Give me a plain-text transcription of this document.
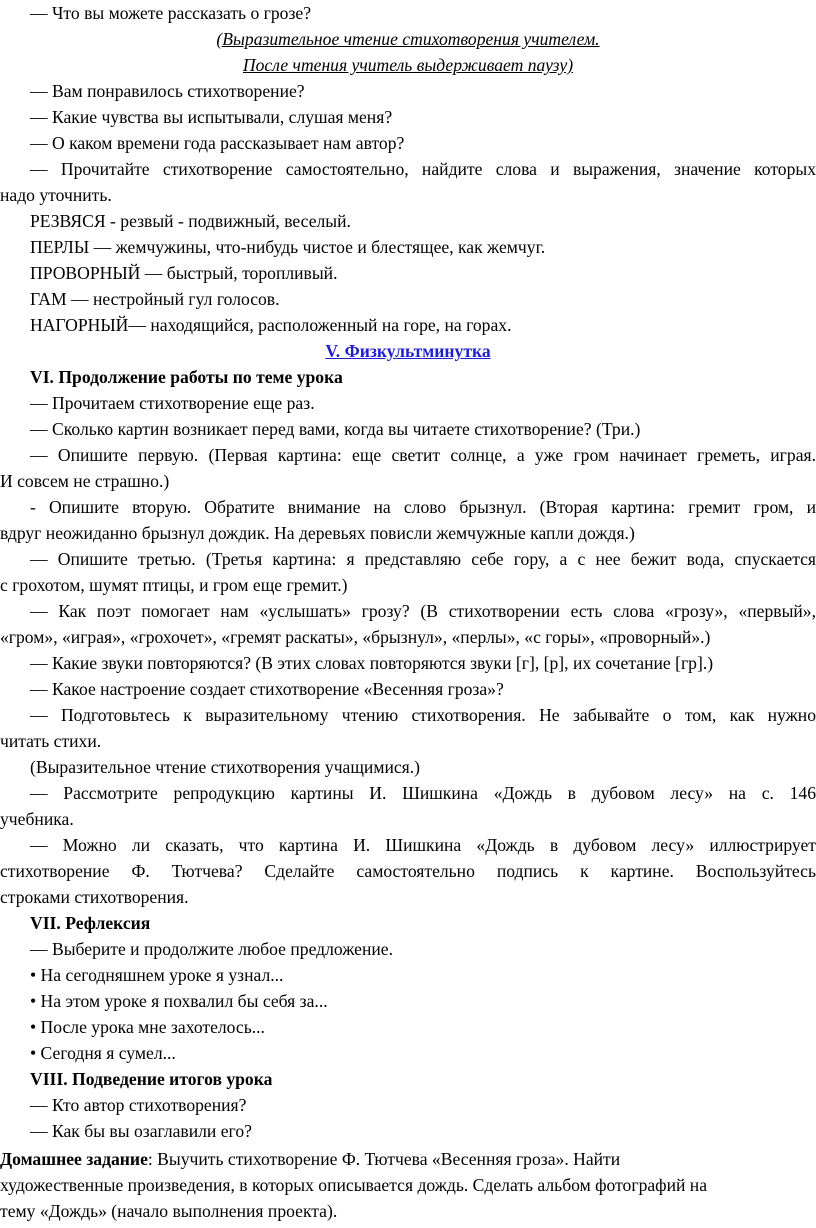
— Что вы можете рассказать о грозе?
(Выразительное чтение стихотворения учителем.
После чтения учитель выдерживает паузу)
— Вам понравилось стихотворение?
— Какие чувства вы испытывали, слушая меня?
— О каком времени года рассказывает нам автор?
— Прочитайте стихотворение самостоятельно, найдите слова и выражения, значение которых
надо уточнить.
РЕЗВЯСЯ - резвый - подвижный, веселый.
ПЕРЛЫ — жемчужины, что-нибудь чистое и блестящее, как жемчуг.
ПРОВОРНЫЙ — быстрый, торопливый.
ГАМ — нестройный гул голосов.
НАГОРНЫЙ— находящийся, расположенный на горе, на горах.
V. Физкультминутка
VI. Продолжение работы по теме урока
— Прочитаем стихотворение еще раз.
— Сколько картин возникает перед вами, когда вы читаете стихотворение? (Три.)
— Опишите первую. (Первая картина: еще светит солнце, а уже гром начинает греметь, играя.
И совсем не страшно.)
- Опишите вторую. Обратите внимание на слово брызнул. (Вторая картина: гремит гром, и
вдруг неожиданно брызнул дождик. На деревьях повисли жемчужные капли дождя.)
— Опишите третью. (Третья картина: я представляю себе гору, а с нее бежит вода, спускается
с грохотом, шумят птицы, и гром еще гремит.)
— Как поэт помогает нам «услышать» грозу? (В стихотворении есть слова «грозу», «первый»,
«гром», «играя», «грохочет», «гремят раскаты», «брызнул», «перлы», «с горы», «проворный».)
— Какие звуки повторяются? (В этих словах повторяются звуки [г], [р], их сочетание [гр].)
— Какое настроение создает стихотворение «Весенняя гроза»?
— Подготовьтесь к выразительному чтению стихотворения. Не забывайте о том, как нужно
читать стихи.
(Выразительное чтение стихотворения учащимися.)
— Рассмотрите репродукцию картины И. Шишкина «Дождь в дубовом лесу» на с. 146
учебника.
— Можно ли сказать, что картина И. Шишкина «Дождь в дубовом лесу» иллюстрирует
стихотворение Ф. Тютчева? Сделайте самостоятельно подпись к картине. Воспользуйтесь
строками стихотворения.
VII. Рефлексия
— Выберите и продолжите любое предложение.
• На сегодняшнем уроке я узнал...
• На этом уроке я похвалил бы себя за...
• После урока мне захотелось...
• Сегодня я сумел...
VIII. Подведение итогов урока
— Кто автор стихотворения?
— Как бы вы озаглавили его?
Домашнее задание: Выучить стихотворение Ф. Тютчева «Весенняя гроза». Найти
художественные произведения, в которых описывается дождь. Сделать альбом фотографий на
тему «Дождь» (начало выполнения проекта).
